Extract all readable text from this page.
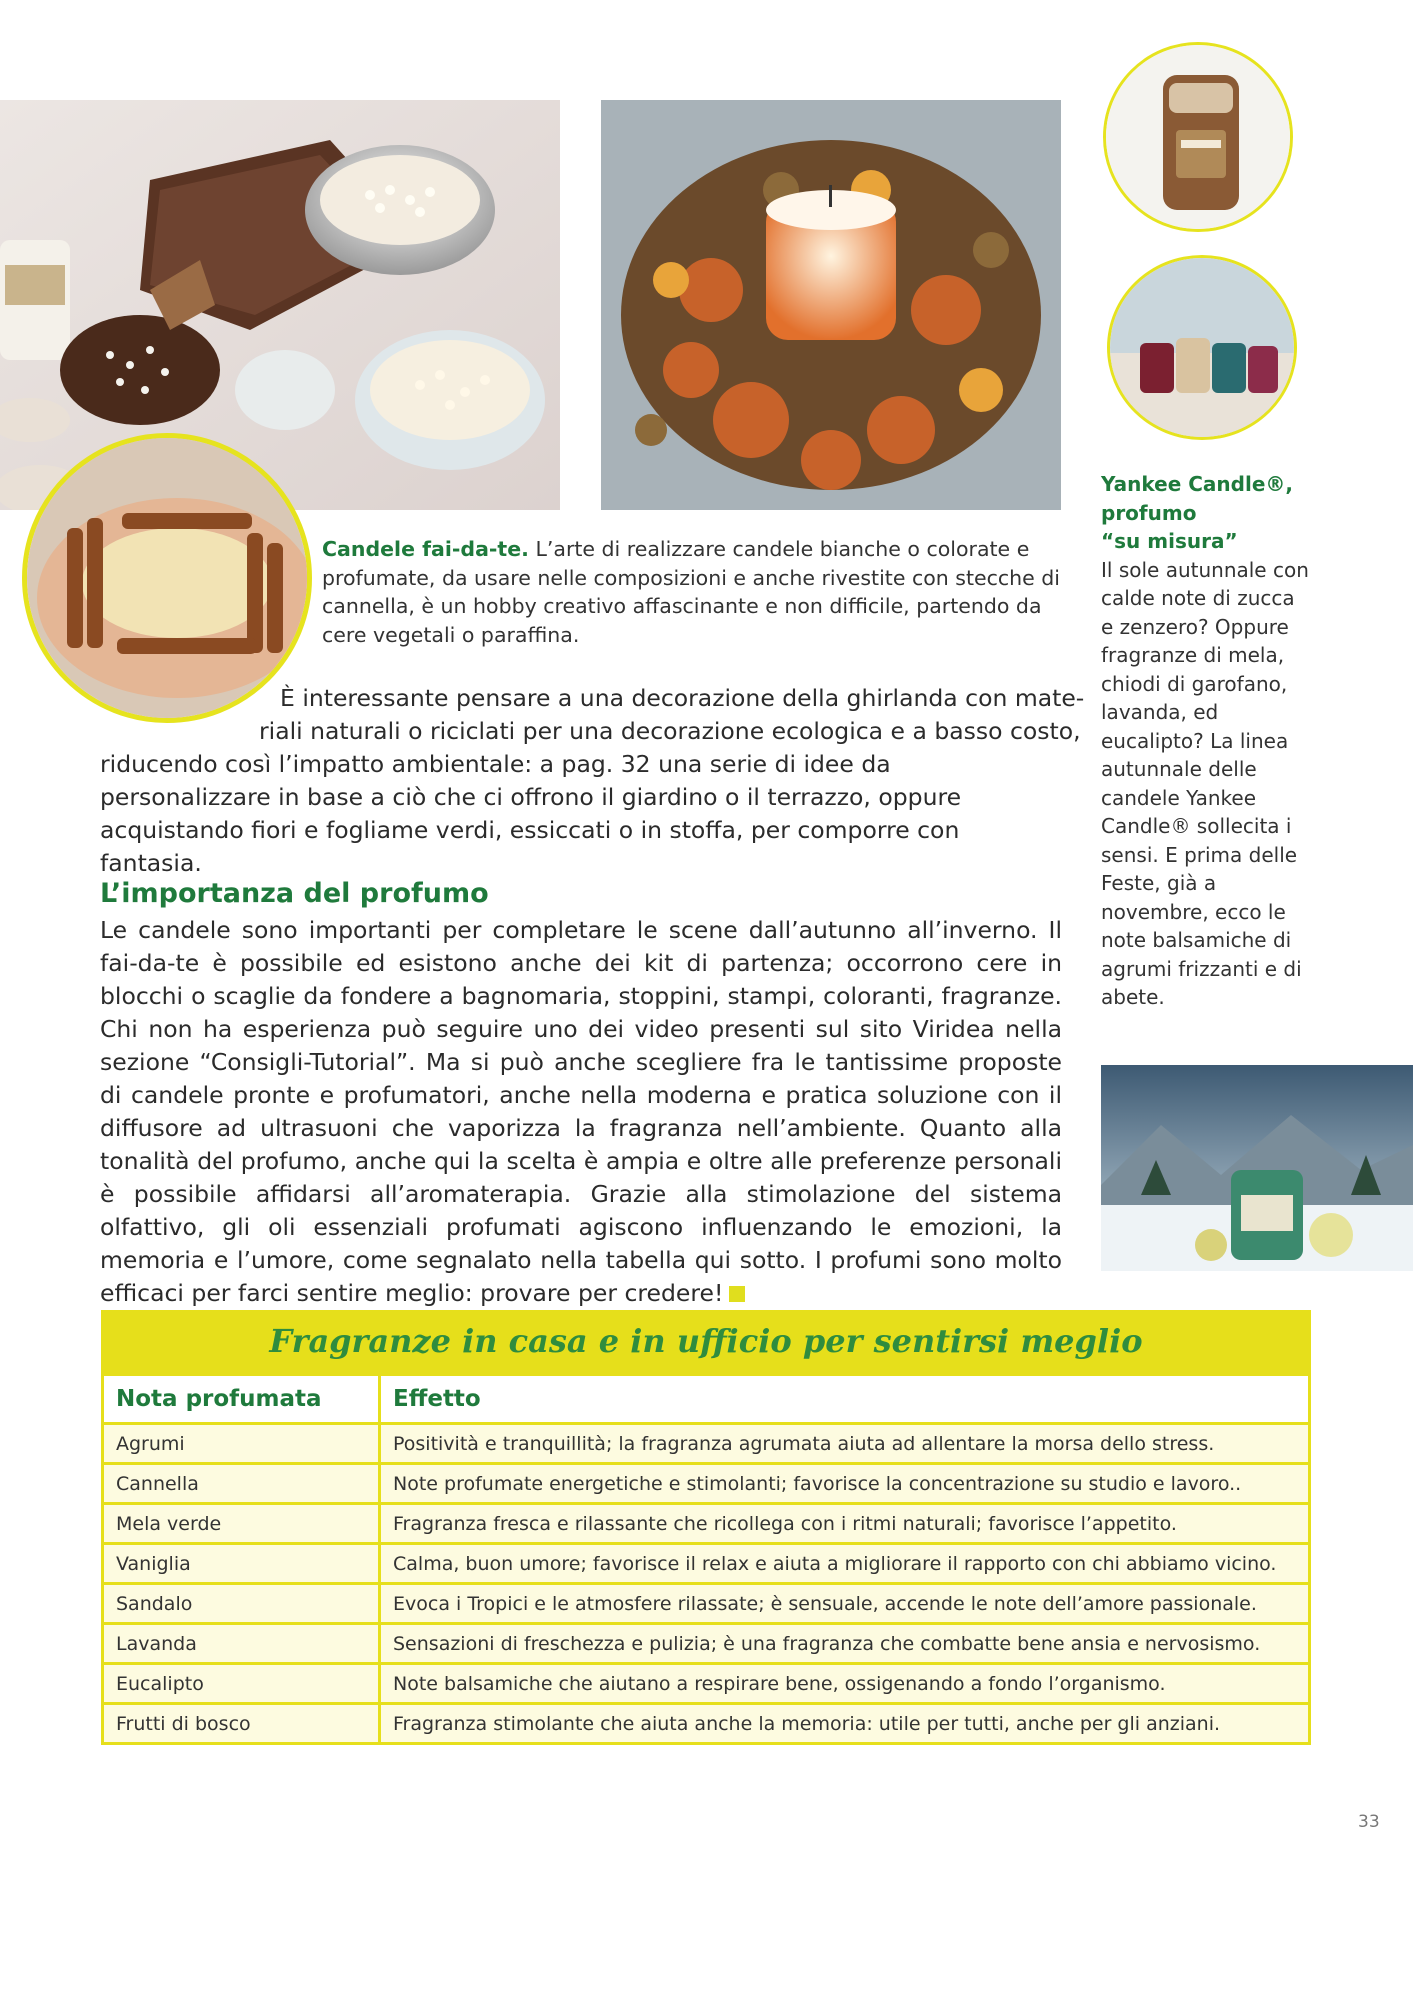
Candele fai-da-te. L’arte di realizzare candele bianche o colorate e profumate, da usare nelle composizioni e anche rivestite con stecche di cannella, è un hobby creativo affascinante e non difficile, partendo da cere vegetali o paraffina.
È interessante pensare a una decorazione della ghirlanda con mate-
riali naturali o riciclati per una decorazione ecologica e a basso costo,
riducendo così l’impatto ambientale: a pag. 32 una serie di idee da personalizzare in base a ciò che ci offrono il giardino o il terrazzo, oppure acquistando fiori e fogliame verdi, essiccati o in stoffa, per comporre con fantasia.
L’importanza del profumo
Le candele sono importanti per completare le scene dall’autunno all’inverno. Il fai-da-te è possibile ed esistono anche dei kit di partenza; occorrono cere in blocchi o scaglie da fondere a bagnomaria, stoppini, stampi, coloranti, fragranze. Chi non ha esperienza può seguire uno dei video presenti sul sito Viridea nella sezione “Consigli-Tutorial”. Ma si può anche scegliere fra le tantissime proposte di candele pronte e profumatori, anche nella moderna e pratica soluzione con il diffusore ad ultrasuoni che vaporizza la fragranza nell’ambiente. Quanto alla tonalità del profumo, anche qui la scelta è ampia e oltre alle preferenze personali è possibile affidarsi all’aromaterapia. Grazie alla stimolazione del sistema olfattivo, gli oli essenziali profumati agiscono influenzando le emozioni, la memoria e l’umore, come segnalato nella tabella qui sotto. I profumi sono molto efficaci per farci sentire meglio: provare per credere!
Yankee Candle®,
profumo
“su misura”
Il sole autunnale con calde note di zucca e zenzero? Oppure fragranze di mela, chiodi di garofano, lavanda, ed eucalipto? La linea autunnale delle candele Yankee Candle® sollecita i sensi. E prima delle Feste, già a novembre, ecco le note balsamiche di agrumi frizzanti e di abete.
Fragranze in casa e in ufficio per sentirsi meglio
Nota profumata	Effetto
Agrumi	Positività e tranquillità; la fragranza agrumata aiuta ad allentare la morsa dello stress.
Cannella	Note profumate energetiche e stimolanti; favorisce la concentrazione su studio e lavoro..
Mela verde	Fragranza fresca e rilassante che ricollega con i ritmi naturali; favorisce l’appetito.
Vaniglia	Calma, buon umore; favorisce il relax e aiuta a migliorare il rapporto con chi abbiamo vicino.
Sandalo	Evoca i Tropici e le atmosfere rilassate; è sensuale, accende le note dell’amore passionale.
Lavanda	Sensazioni di freschezza e pulizia; è una fragranza che combatte bene ansia e nervosismo.
Eucalipto	Note balsamiche che aiutano a respirare bene, ossigenando a fondo l’organismo.
Frutti di bosco	Fragranza stimolante che aiuta anche la memoria: utile per tutti, anche per gli anziani.
33
